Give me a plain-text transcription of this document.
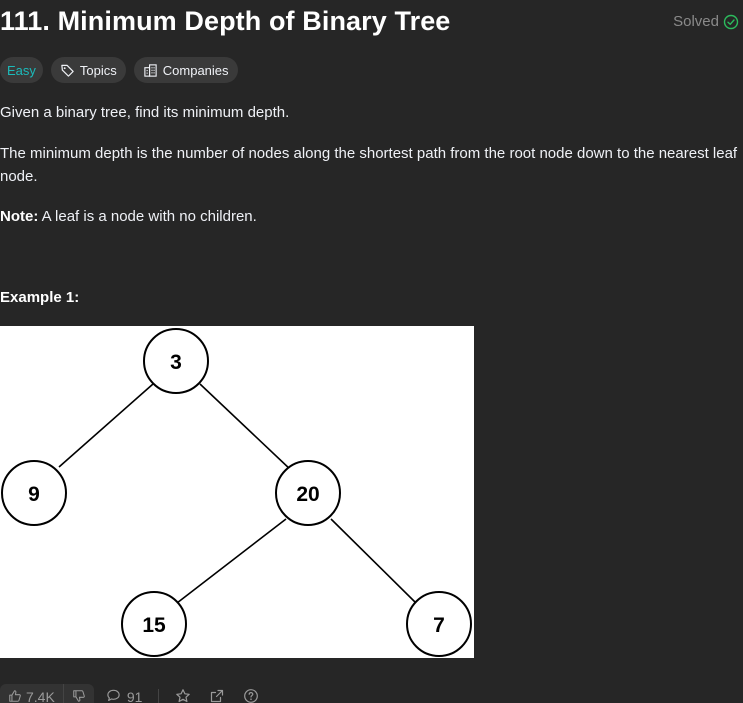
111. Minimum Depth of Binary Tree	Solved
Easy	Topics	Companies

Given a binary tree, find its minimum depth.

The minimum depth is the number of nodes along the shortest path from the root node down to the nearest leaf node.

Note: A leaf is a node with no children.

Example 1:
3
9	20
15	7
7.4K	91
